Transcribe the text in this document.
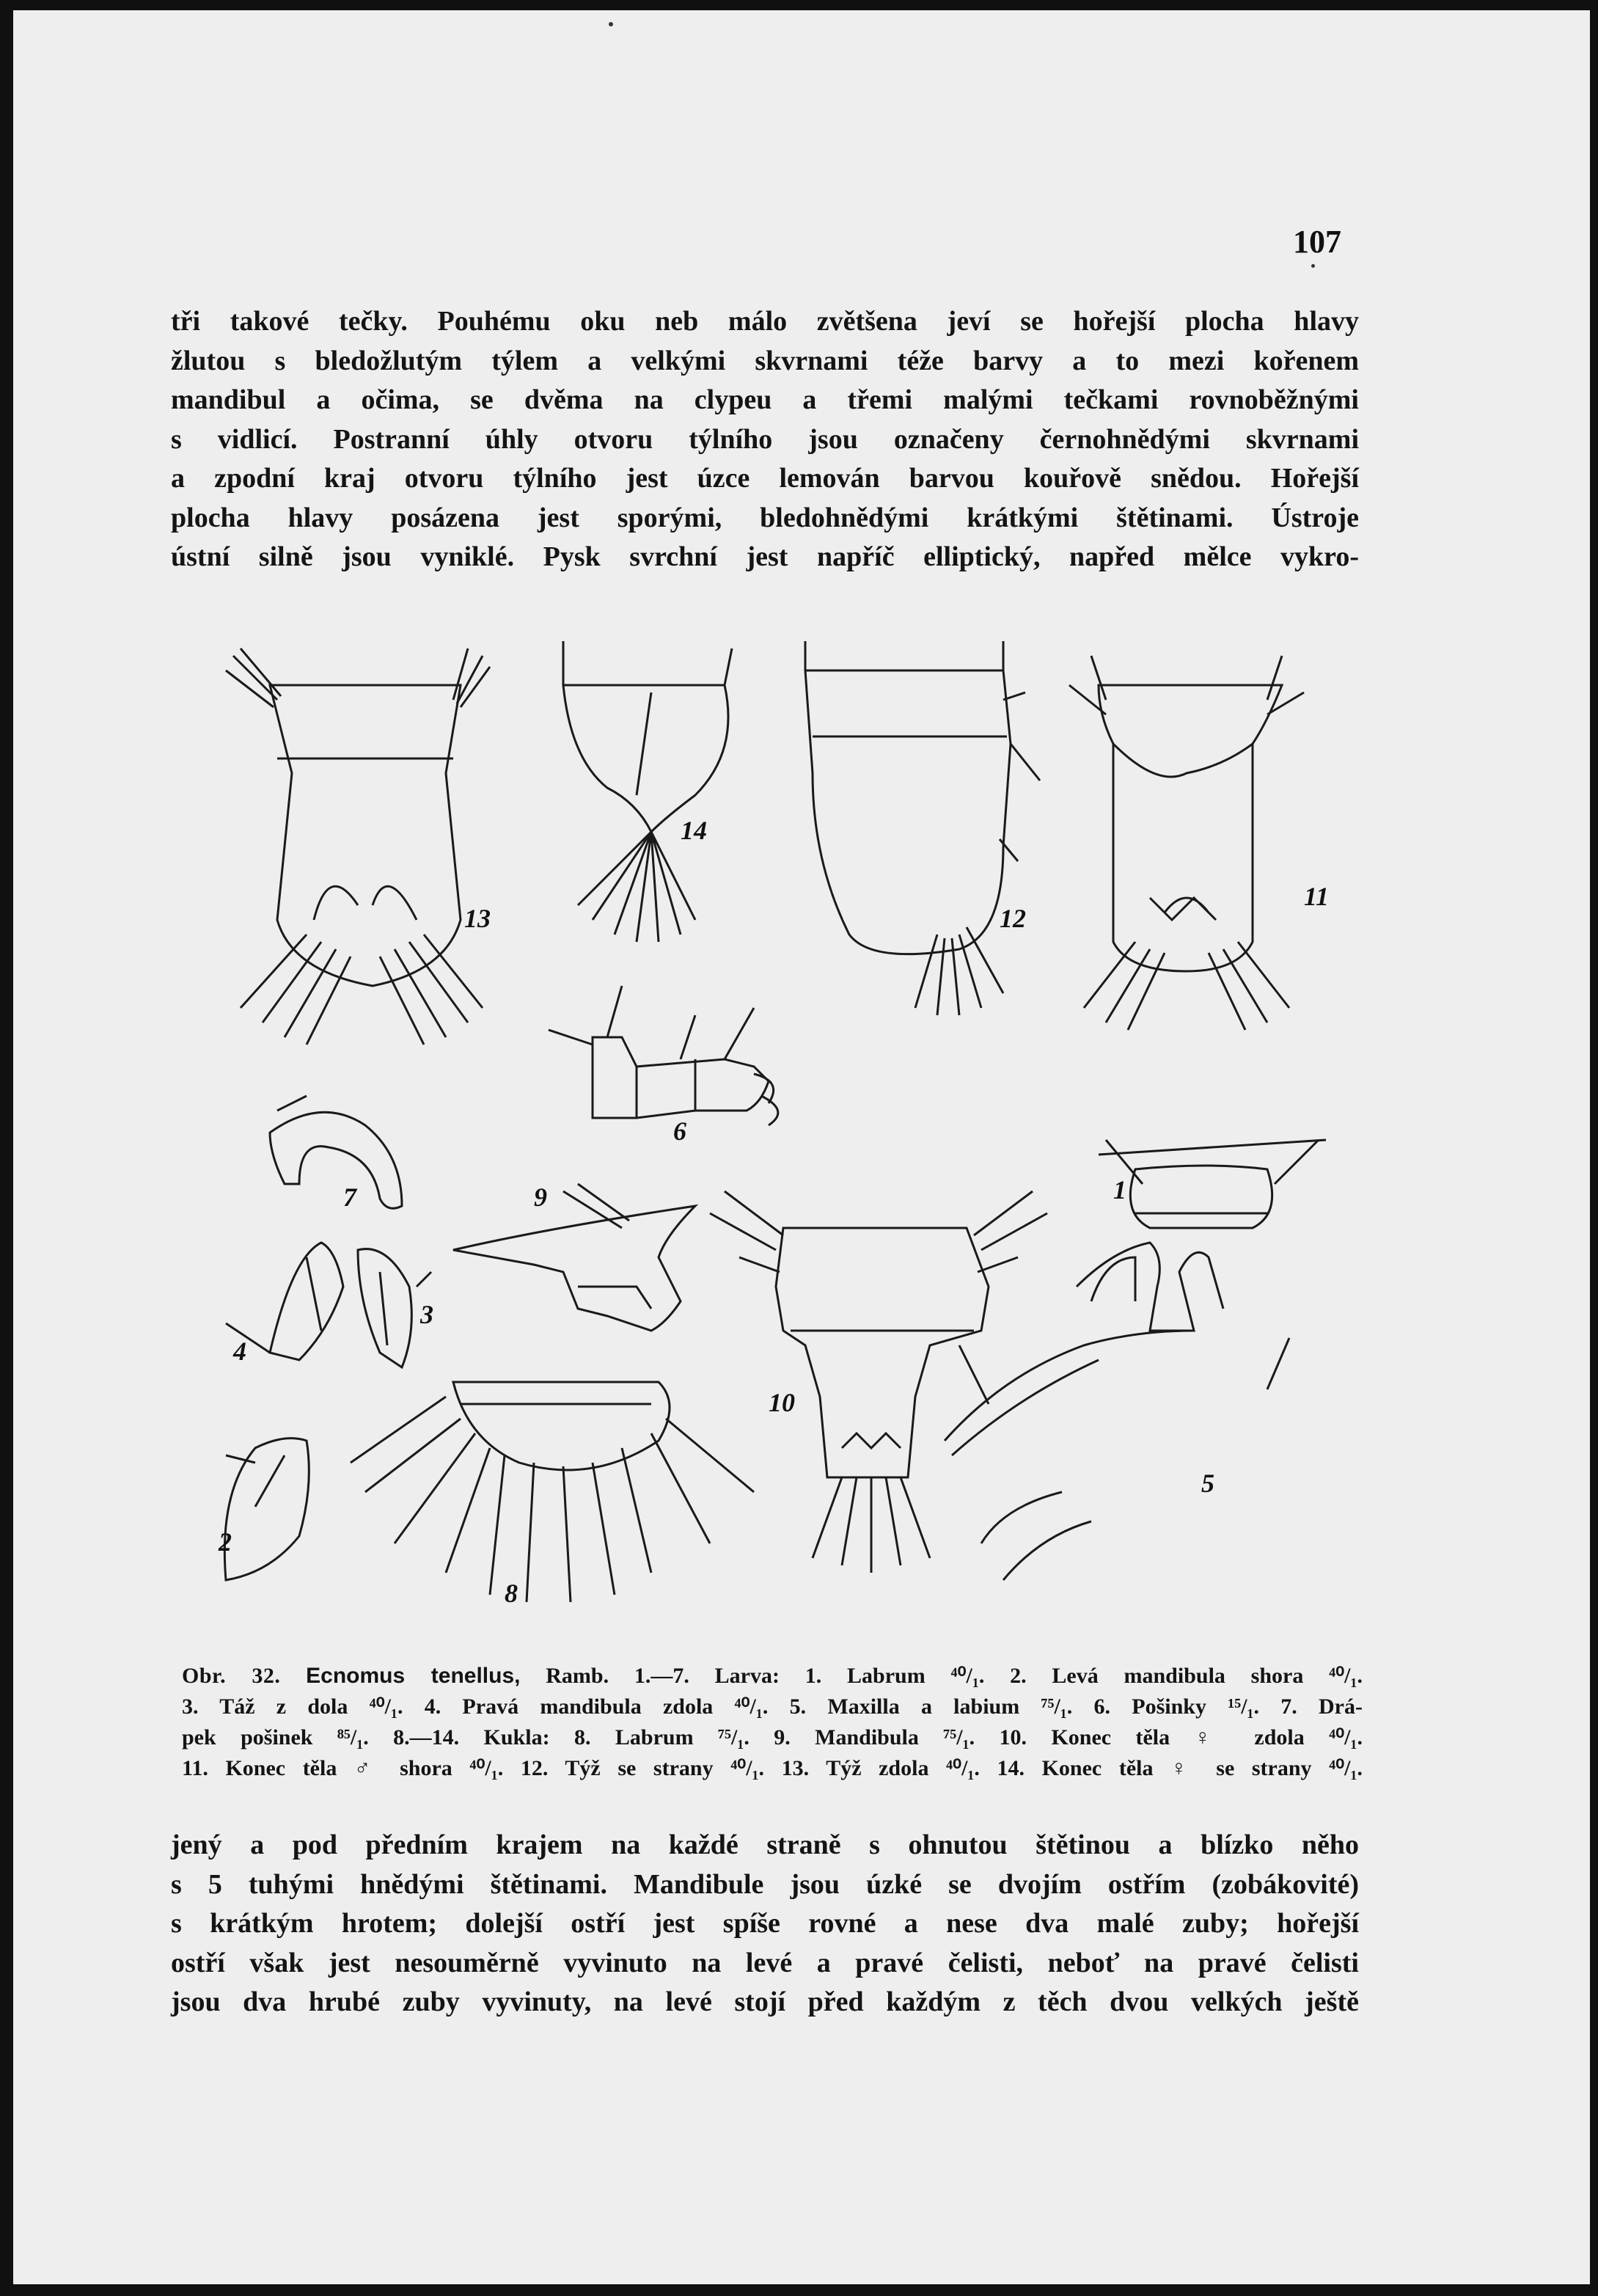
107
tři takové tečky. Pouhému oku neb málo zvětšena jeví se hořejší plocha hlavy
žlutou s bledožlutým týlem a velkými skvrnami téže barvy a to mezi kořenem
mandibul a očima, se dvěma na clypeu a třemi malými tečkami rovnoběžnými
s vidlicí. Postranní úhly otvoru týlního jsou označeny černohnědými skvrnami
a zpodní kraj otvoru týlního jest úzce lemován barvou kouřově snědou. Hořejší
plocha hlavy posázena jest sporými, bledohnědými krátkými štětinami. Ústroje
ústní silně jsou vyniklé. Pysk svrchní jest napříč elliptický, napřed mělce vykro-
2
1
3
4
5
6
7
8
9
10
11
12
13
14
Obr. 32. Ecnomus tenellus, Ramb. 1.—7. Larva: 1. Labrum ⁴⁰/₁. 2. Levá mandibula shora ⁴⁰/₁.
3. Táž z dola ⁴⁰/₁. 4. Pravá mandibula zdola ⁴⁰/₁. 5. Maxilla a labium ⁷⁵/₁. 6. Pošinky ¹⁵/₁. 7. Drá-
pek pošinek ⁸⁵/₁. 8.—14. Kukla: 8. Labrum ⁷⁵/₁. 9. Mandibula ⁷⁵/₁. 10. Konec těla ♀ zdola ⁴⁰/₁.
11. Konec těla ♂ shora ⁴⁰/₁. 12. Týž se strany ⁴⁰/₁. 13. Týž zdola ⁴⁰/₁. 14. Konec těla ♀ se strany ⁴⁰/₁.
jený a pod předním krajem na každé straně s ohnutou štětinou a blízko něho
s 5 tuhými hnědými štětinami. Mandibule jsou úzké se dvojím ostřím (zobákovité)
s krátkým hrotem; dolejší ostří jest spíše rovné a nese dva malé zuby; hořejší
ostří však jest nesouměrně vyvinuto na levé a pravé čelisti, neboť na pravé čelisti
jsou dva hrubé zuby vyvinuty, na levé stojí před každým z těch dvou velkých ještě
